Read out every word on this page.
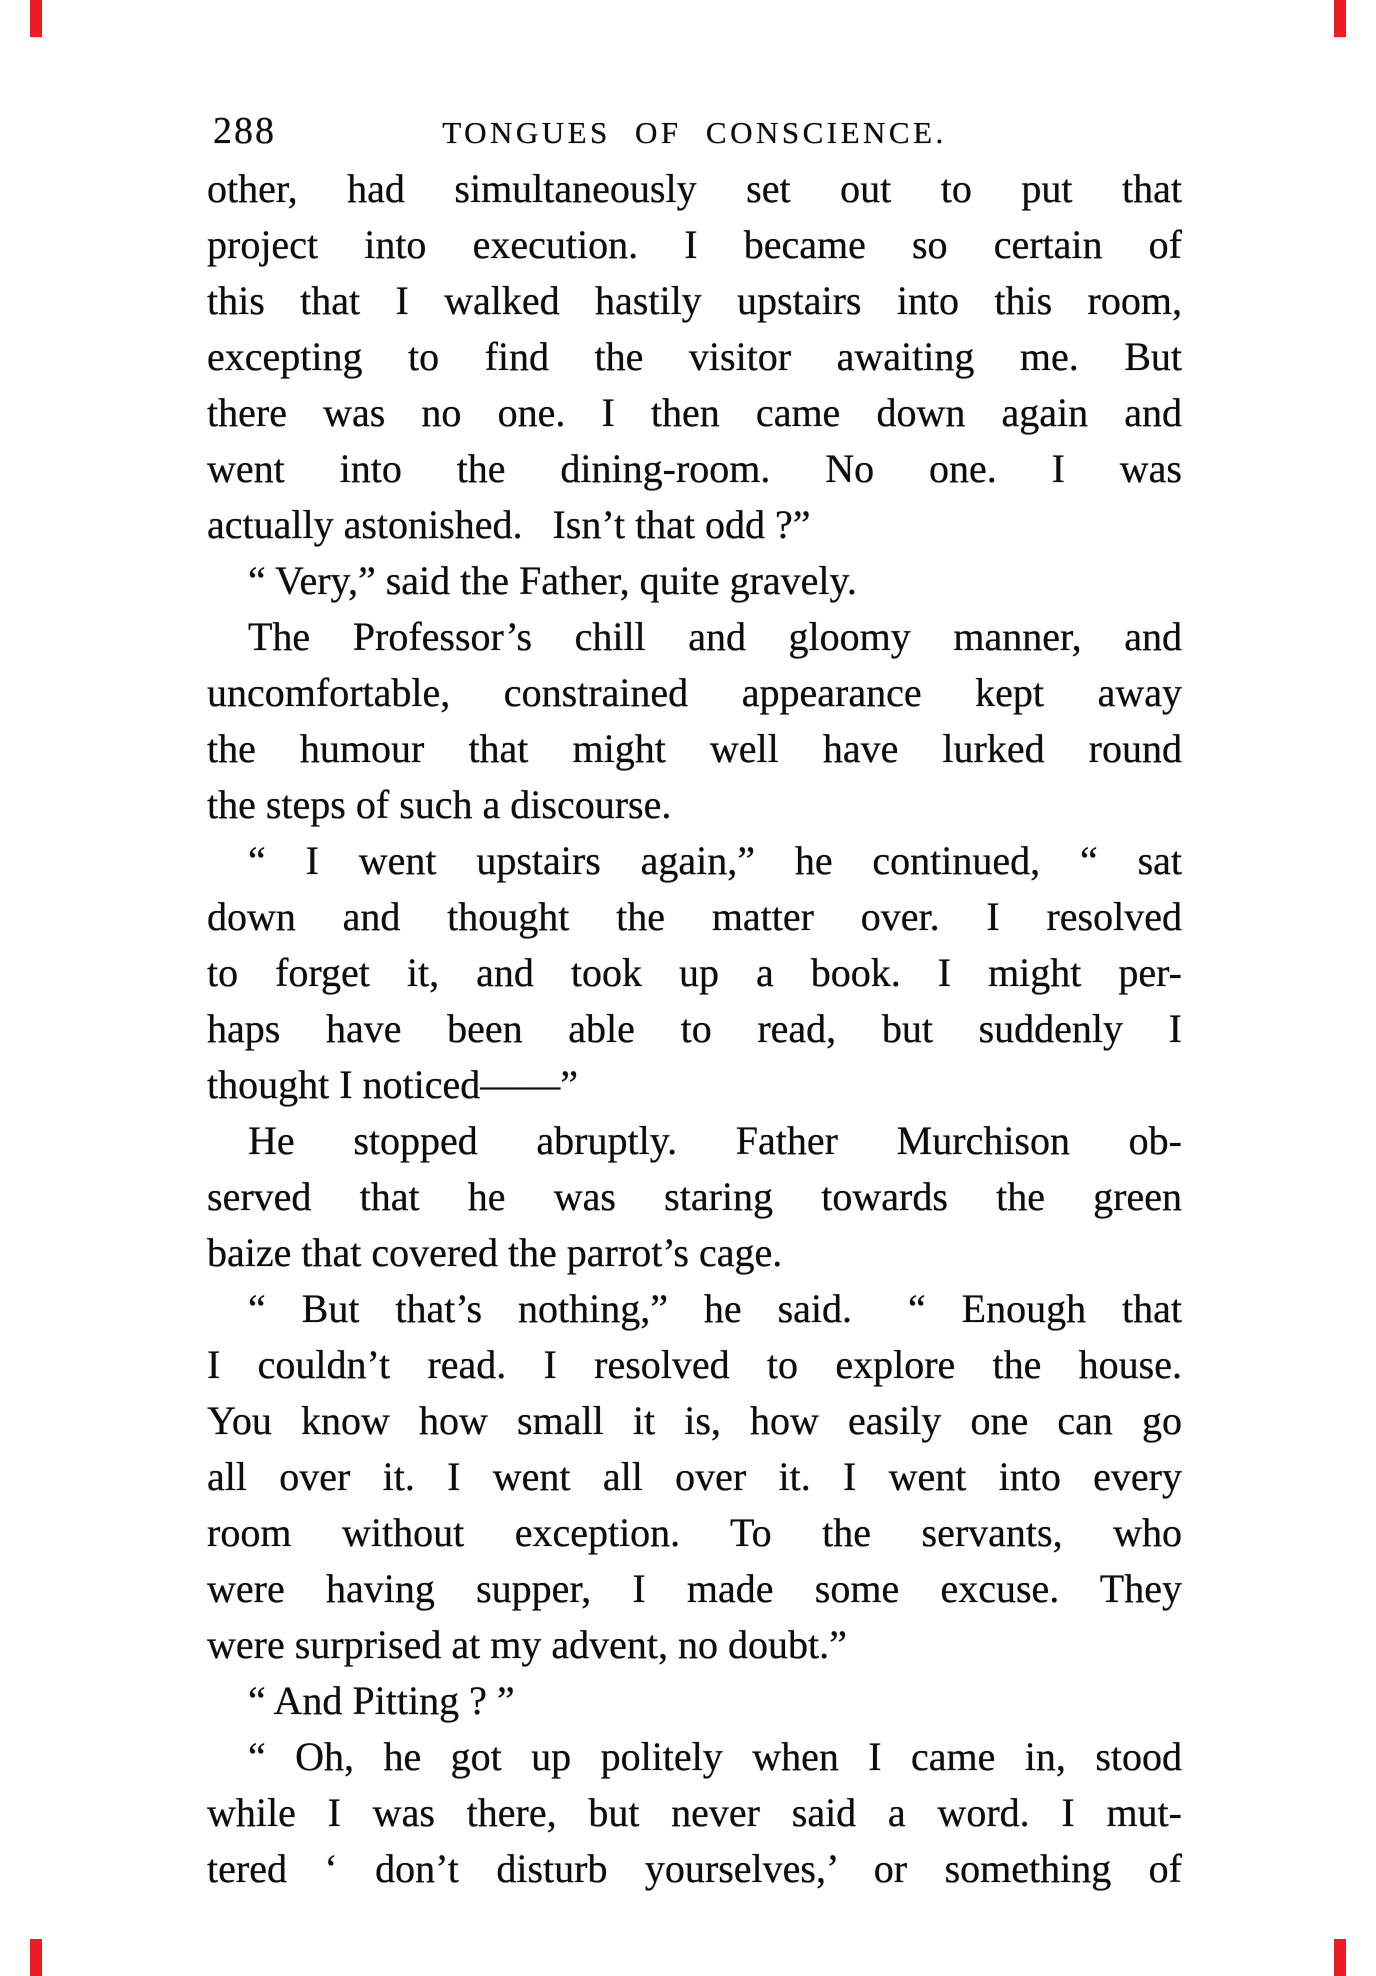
288	TONGUES OF CONSCIENCE.
other, had simultaneously set out to put that
project into execution. I became so certain of
this that I walked hastily upstairs into this room,
excepting to find the visitor awaiting me. But
there was no one. I then came down again and
went into the dining-room. No one. I was
actually astonished.  Isn’t that odd ?”
“ Very,” said the Father, quite gravely.
The Professor’s chill and gloomy manner, and
uncomfortable, constrained appearance kept away
the humour that might well have lurked round
the steps of such a discourse.
“ I went upstairs again,” he continued, “ sat
down and thought the matter over. I resolved
to forget it, and took up a book. I might per-
haps have been able to read, but suddenly I
thought I noticed——”
He stopped abruptly. Father Murchison ob-
served that he was staring towards the green
baize that covered the parrot’s cage.
“ But that’s nothing,” he said.  “ Enough that
I couldn’t read. I resolved to explore the house.
You know how small it is, how easily one can go
all over it. I went all over it. I went into every
room without exception. To the servants, who
were having supper, I made some excuse. They
were surprised at my advent, no doubt.”
“ And Pitting ? ”
“ Oh, he got up politely when I came in, stood
while I was there, but never said a word. I mut-
tered ‘ don’t disturb yourselves,’ or something of
